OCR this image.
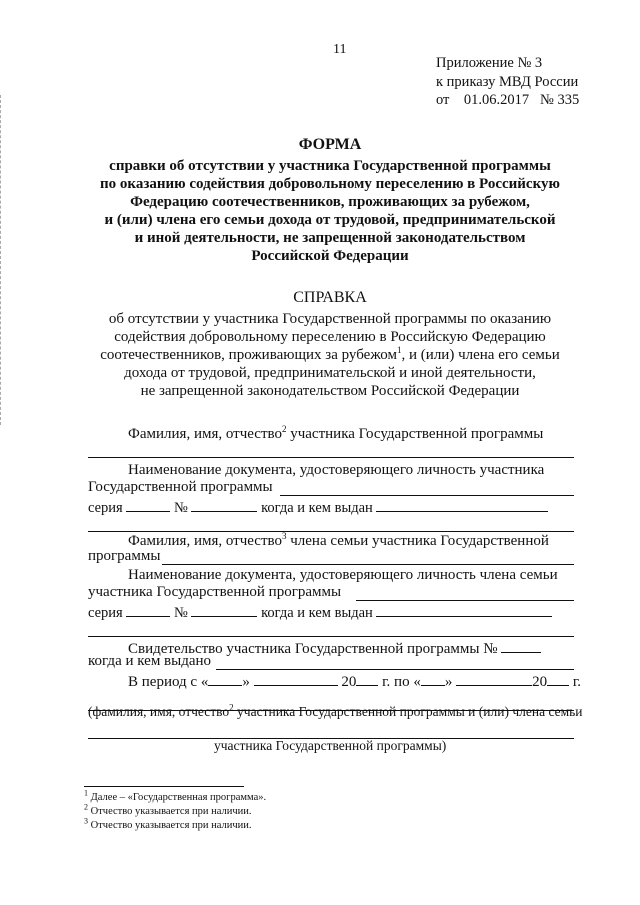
11
Приложение № 3
к приказу МВД России
от    01.06.2017   № 335
ФОРМА
справки об отсутствии у участника Государственной программы
по оказанию содействия добровольному переселению в Российскую
Федерацию соотечественников, проживающих за рубежом,
и (или) члена его семьи дохода от трудовой, предпринимательской
и иной деятельности, не запрещенной законодательством
Российской Федерации
СПРАВКА
об отсутствии у участника Государственной программы по оказанию
содействия добровольному переселению в Российскую Федерацию
соотечественников, проживающих за рубежом$^1$, и (или) члена его семьи
дохода от трудовой, предпринимательской и иной деятельности,
не запрещенной законодательством Российской Федерации
Фамилия, имя, отчество$^2$ участника Государственной программы
Наименование документа, удостоверяющего личность участника
Государственной программы
серия	№	когда и кем выдан
Фамилия, имя, отчество$^3$ члена семьи участника Государственной
программы
Наименование документа, удостоверяющего личность члена семьи
участника Государственной программы
серия	№	когда и кем выдан
Свидетельство участника Государственной программы №
когда и кем выдано
В период с « »	20 г. по « »	20 г.
(фамилия, имя, отчество$^2$ участника Государственной программы и (или) члена семьи
участника Государственной программы)
$^1$ Далее – «Государственная программа».
$^2$ Отчество указывается при наличии.
$^3$ Отчество указывается при наличии.
